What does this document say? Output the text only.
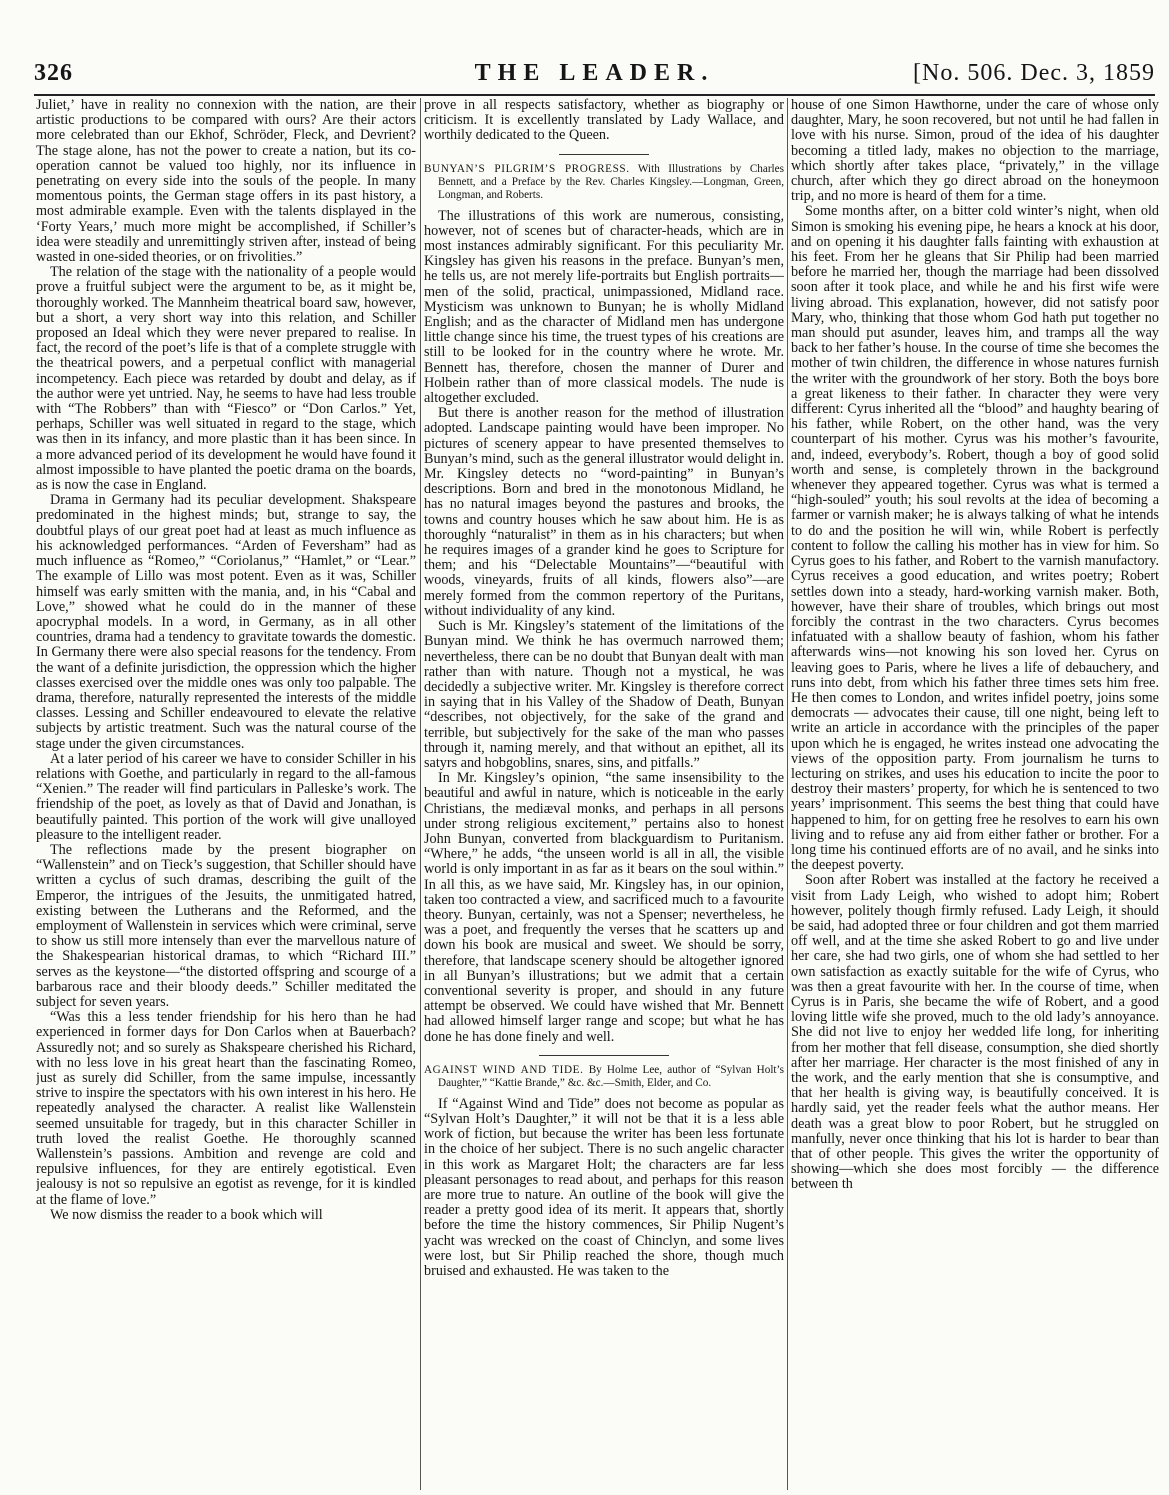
326	THE LEADER.	[No. 506. Dec. 3, 1859

Juliet,’ have in reality no connexion with the nation, are their artistic productions to be compared with ours? Are their actors more celebrated than our Ekhof, Schröder, Fleck, and Devrient? The stage alone, has not the power to create a nation, but its co-operation cannot be valued too highly, nor its influence in penetrating on every side into the souls of the people. In many momentous points, the German stage offers in its past history, a most admirable example. Even with the talents displayed in the ‘Forty Years,’ much more might be accomplished, if Schiller’s idea were steadily and unremittingly striven after, instead of being wasted in one-sided theories, or on frivolities.”

The relation of the stage with the nationality of a people would prove a fruitful subject were the argument to be, as it might be, thoroughly worked. The Mannheim theatrical board saw, however, but a short, a very short way into this relation, and Schiller proposed an Ideal which they were never prepared to realise. In fact, the record of the poet’s life is that of a complete struggle with the theatrical powers, and a perpetual conflict with managerial incompetency. Each piece was retarded by doubt and delay, as if the author were yet untried. Nay, he seems to have had less trouble with “The Robbers” than with “Fiesco” or “Don Carlos.” Yet, perhaps, Schiller was well situated in regard to the stage, which was then in its infancy, and more plastic than it has been since. In a more advanced period of its development he would have found it almost impossible to have planted the poetic drama on the boards, as is now the case in England.

Drama in Germany had its peculiar development. Shakspeare predominated in the highest minds; but, strange to say, the doubtful plays of our great poet had at least as much influence as his acknowledged performances. “Arden of Feversham” had as much influence as “Romeo,” “Coriolanus,” “Hamlet,” or “Lear.” The example of Lillo was most potent. Even as it was, Schiller himself was early smitten with the mania, and, in his “Cabal and Love,” showed what he could do in the manner of these apocryphal models. In a word, in Germany, as in all other countries, drama had a tendency to gravitate towards the domestic. In Germany there were also special reasons for the tendency. From the want of a definite jurisdiction, the oppression which the higher classes exercised over the middle ones was only too palpable. The drama, therefore, naturally represented the interests of the middle classes. Lessing and Schiller endeavoured to elevate the relative subjects by artistic treatment. Such was the natural course of the stage under the given circumstances.

At a later period of his career we have to consider Schiller in his relations with Goethe, and particularly in regard to the all-famous “Xenien.” The reader will find particulars in Palleske’s work. The friendship of the poet, as lovely as that of David and Jonathan, is beautifully painted. This portion of the work will give unalloyed pleasure to the intelligent reader.

The reflections made by the present biographer on “Wallenstein” and on Tieck’s suggestion, that Schiller should have written a cyclus of such dramas, describing the guilt of the Emperor, the intrigues of the Jesuits, the unmitigated hatred, existing between the Lutherans and the Reformed, and the employment of Wallenstein in services which were criminal, serve to show us still more intensely than ever the marvellous nature of the Shakespearian historical dramas, to which “Richard III.” serves as the keystone—“the distorted offspring and scourge of a barbarous race and their bloody deeds.” Schiller meditated the subject for seven years.

“Was this a less tender friendship for his hero than he had experienced in former days for Don Carlos when at Bauerbach? Assuredly not; and so surely as Shakspeare cherished his Richard, with no less love in his great heart than the fascinating Romeo, just as surely did Schiller, from the same impulse, incessantly strive to inspire the spectators with his own interest in his hero. He repeatedly analysed the character. A realist like Wallenstein seemed unsuitable for tragedy, but in this character Schiller in truth loved the realist Goethe. He thoroughly scanned Wallenstein’s passions. Ambition and revenge are cold and repulsive influences, for they are entirely egotistical. Even jealousy is not so repulsive an egotist as revenge, for it is kindled at the flame of love.”

We now dismiss the reader to a book which will

prove in all respects satisfactory, whether as biography or criticism. It is excellently translated by Lady Wallace, and worthily dedicated to the Queen.

BUNYAN’S PILGRIM’S PROGRESS. With Illustrations by Charles Bennett, and a Preface by the Rev. Charles Kingsley.—Longman, Green, Longman, and Roberts.

The illustrations of this work are numerous, consisting, however, not of scenes but of character-heads, which are in most instances admirably significant. For this peculiarity Mr. Kingsley has given his reasons in the preface. Bunyan’s men, he tells us, are not merely life-portraits but English portraits—men of the solid, practical, unimpassioned, Midland race. Mysticism was unknown to Bunyan; he is wholly Midland English; and as the character of Midland men has undergone little change since his time, the truest types of his creations are still to be looked for in the country where he wrote. Mr. Bennett has, therefore, chosen the manner of Durer and Holbein rather than of more classical models. The nude is altogether excluded.

But there is another reason for the method of illustration adopted. Landscape painting would have been improper. No pictures of scenery appear to have presented themselves to Bunyan’s mind, such as the general illustrator would delight in. Mr. Kingsley detects no “word-painting” in Bunyan’s descriptions. Born and bred in the monotonous Midland, he has no natural images beyond the pastures and brooks, the towns and country houses which he saw about him. He is as thoroughly “naturalist” in them as in his characters; but when he requires images of a grander kind he goes to Scripture for them; and his “Delectable Mountains”—“beautiful with woods, vineyards, fruits of all kinds, flowers also”—are merely formed from the common repertory of the Puritans, without individuality of any kind.

Such is Mr. Kingsley’s statement of the limitations of the Bunyan mind. We think he has overmuch narrowed them; nevertheless, there can be no doubt that Bunyan dealt with man rather than with nature. Though not a mystical, he was decidedly a subjective writer. Mr. Kingsley is therefore correct in saying that in his Valley of the Shadow of Death, Bunyan “describes, not objectively, for the sake of the grand and terrible, but subjectively for the sake of the man who passes through it, naming merely, and that without an epithet, all its satyrs and hobgoblins, snares, sins, and pitfalls.”

In Mr. Kingsley’s opinion, “the same insensibility to the beautiful and awful in nature, which is noticeable in the early Christians, the mediæval monks, and perhaps in all persons under strong religious excitement,” pertains also to honest John Bunyan, converted from blackguardism to Puritanism. “Where,” he adds, “the unseen world is all in all, the visible world is only important in as far as it bears on the soul within.” In all this, as we have said, Mr. Kingsley has, in our opinion, taken too contracted a view, and sacrificed much to a favourite theory. Bunyan, certainly, was not a Spenser; nevertheless, he was a poet, and frequently the verses that he scatters up and down his book are musical and sweet. We should be sorry, therefore, that landscape scenery should be altogether ignored in all Bunyan’s illustrations; but we admit that a certain conventional severity is proper, and should in any future attempt be observed. We could have wished that Mr. Bennett had allowed himself larger range and scope; but what he has done he has done finely and well.

AGAINST WIND AND TIDE. By Holme Lee, author of “Sylvan Holt’s Daughter,” “Kattie Brande,” &c. &c.—Smith, Elder, and Co.

If “Against Wind and Tide” does not become as popular as “Sylvan Holt’s Daughter,” it will not be that it is a less able work of fiction, but because the writer has been less fortunate in the choice of her subject. There is no such angelic character in this work as Margaret Holt; the characters are far less pleasant personages to read about, and perhaps for this reason are more true to nature. An outline of the book will give the reader a pretty good idea of its merit. It appears that, shortly before the time the history commences, Sir Philip Nugent’s yacht was wrecked on the coast of Chinclyn, and some lives were lost, but Sir Philip reached the shore, though much bruised and exhausted. He was taken to the

house of one Simon Hawthorne, under the care of whose only daughter, Mary, he soon recovered, but not until he had fallen in love with his nurse. Simon, proud of the idea of his daughter becoming a titled lady, makes no objection to the marriage, which shortly after takes place, “privately,” in the village church, after which they go direct abroad on the honeymoon trip, and no more is heard of them for a time.

Some months after, on a bitter cold winter’s night, when old Simon is smoking his evening pipe, he hears a knock at his door, and on opening it his daughter falls fainting with exhaustion at his feet. From her he gleans that Sir Philip had been married before he married her, though the marriage had been dissolved soon after it took place, and while he and his first wife were living abroad. This explanation, however, did not satisfy poor Mary, who, thinking that those whom God hath put together no man should put asunder, leaves him, and tramps all the way back to her father’s house. In the course of time she becomes the mother of twin children, the difference in whose natures furnish the writer with the groundwork of her story. Both the boys bore a great likeness to their father. In character they were very different: Cyrus inherited all the “blood” and haughty bearing of his father, while Robert, on the other hand, was the very counterpart of his mother. Cyrus was his mother’s favourite, and, indeed, everybody’s. Robert, though a boy of good solid worth and sense, is completely thrown in the background whenever they appeared together. Cyrus was what is termed a “high-souled” youth; his soul revolts at the idea of becoming a farmer or varnish maker; he is always talking of what he intends to do and the position he will win, while Robert is perfectly content to follow the calling his mother has in view for him. So Cyrus goes to his father, and Robert to the varnish manufactory. Cyrus receives a good education, and writes poetry; Robert settles down into a steady, hard-working varnish maker. Both, however, have their share of troubles, which brings out most forcibly the contrast in the two characters. Cyrus becomes infatuated with a shallow beauty of fashion, whom his father afterwards wins—not knowing his son loved her. Cyrus on leaving goes to Paris, where he lives a life of debauchery, and runs into debt, from which his father three times sets him free. He then comes to London, and writes infidel poetry, joins some democrats — advocates their cause, till one night, being left to write an article in accordance with the principles of the paper upon which he is engaged, he writes instead one advocating the views of the opposition party. From journalism he turns to lecturing on strikes, and uses his education to incite the poor to destroy their masters’ property, for which he is sentenced to two years’ imprisonment. This seems the best thing that could have happened to him, for on getting free he resolves to earn his own living and to refuse any aid from either father or brother. For a long time his continued efforts are of no avail, and he sinks into the deepest poverty.

Soon after Robert was installed at the factory he received a visit from Lady Leigh, who wished to adopt him; Robert however, politely though firmly refused. Lady Leigh, it should be said, had adopted three or four children and got them married off well, and at the time she asked Robert to go and live under her care, she had two girls, one of whom she had settled to her own satisfaction as exactly suitable for the wife of Cyrus, who was then a great favourite with her. In the course of time, when Cyrus is in Paris, she became the wife of Robert, and a good loving little wife she proved, much to the old lady’s annoyance. She did not live to enjoy her wedded life long, for inheriting from her mother that fell disease, consumption, she died shortly after her marriage. Her character is the most finished of any in the work, and the early mention that she is consumptive, and that her health is giving way, is beautifully conceived. It is hardly said, yet the reader feels what the author means. Her death was a great blow to poor Robert, but he struggled on manfully, never once thinking that his lot is harder to bear than that of other people. This gives the writer the opportunity of showing—which she does most forcibly — the difference between th
